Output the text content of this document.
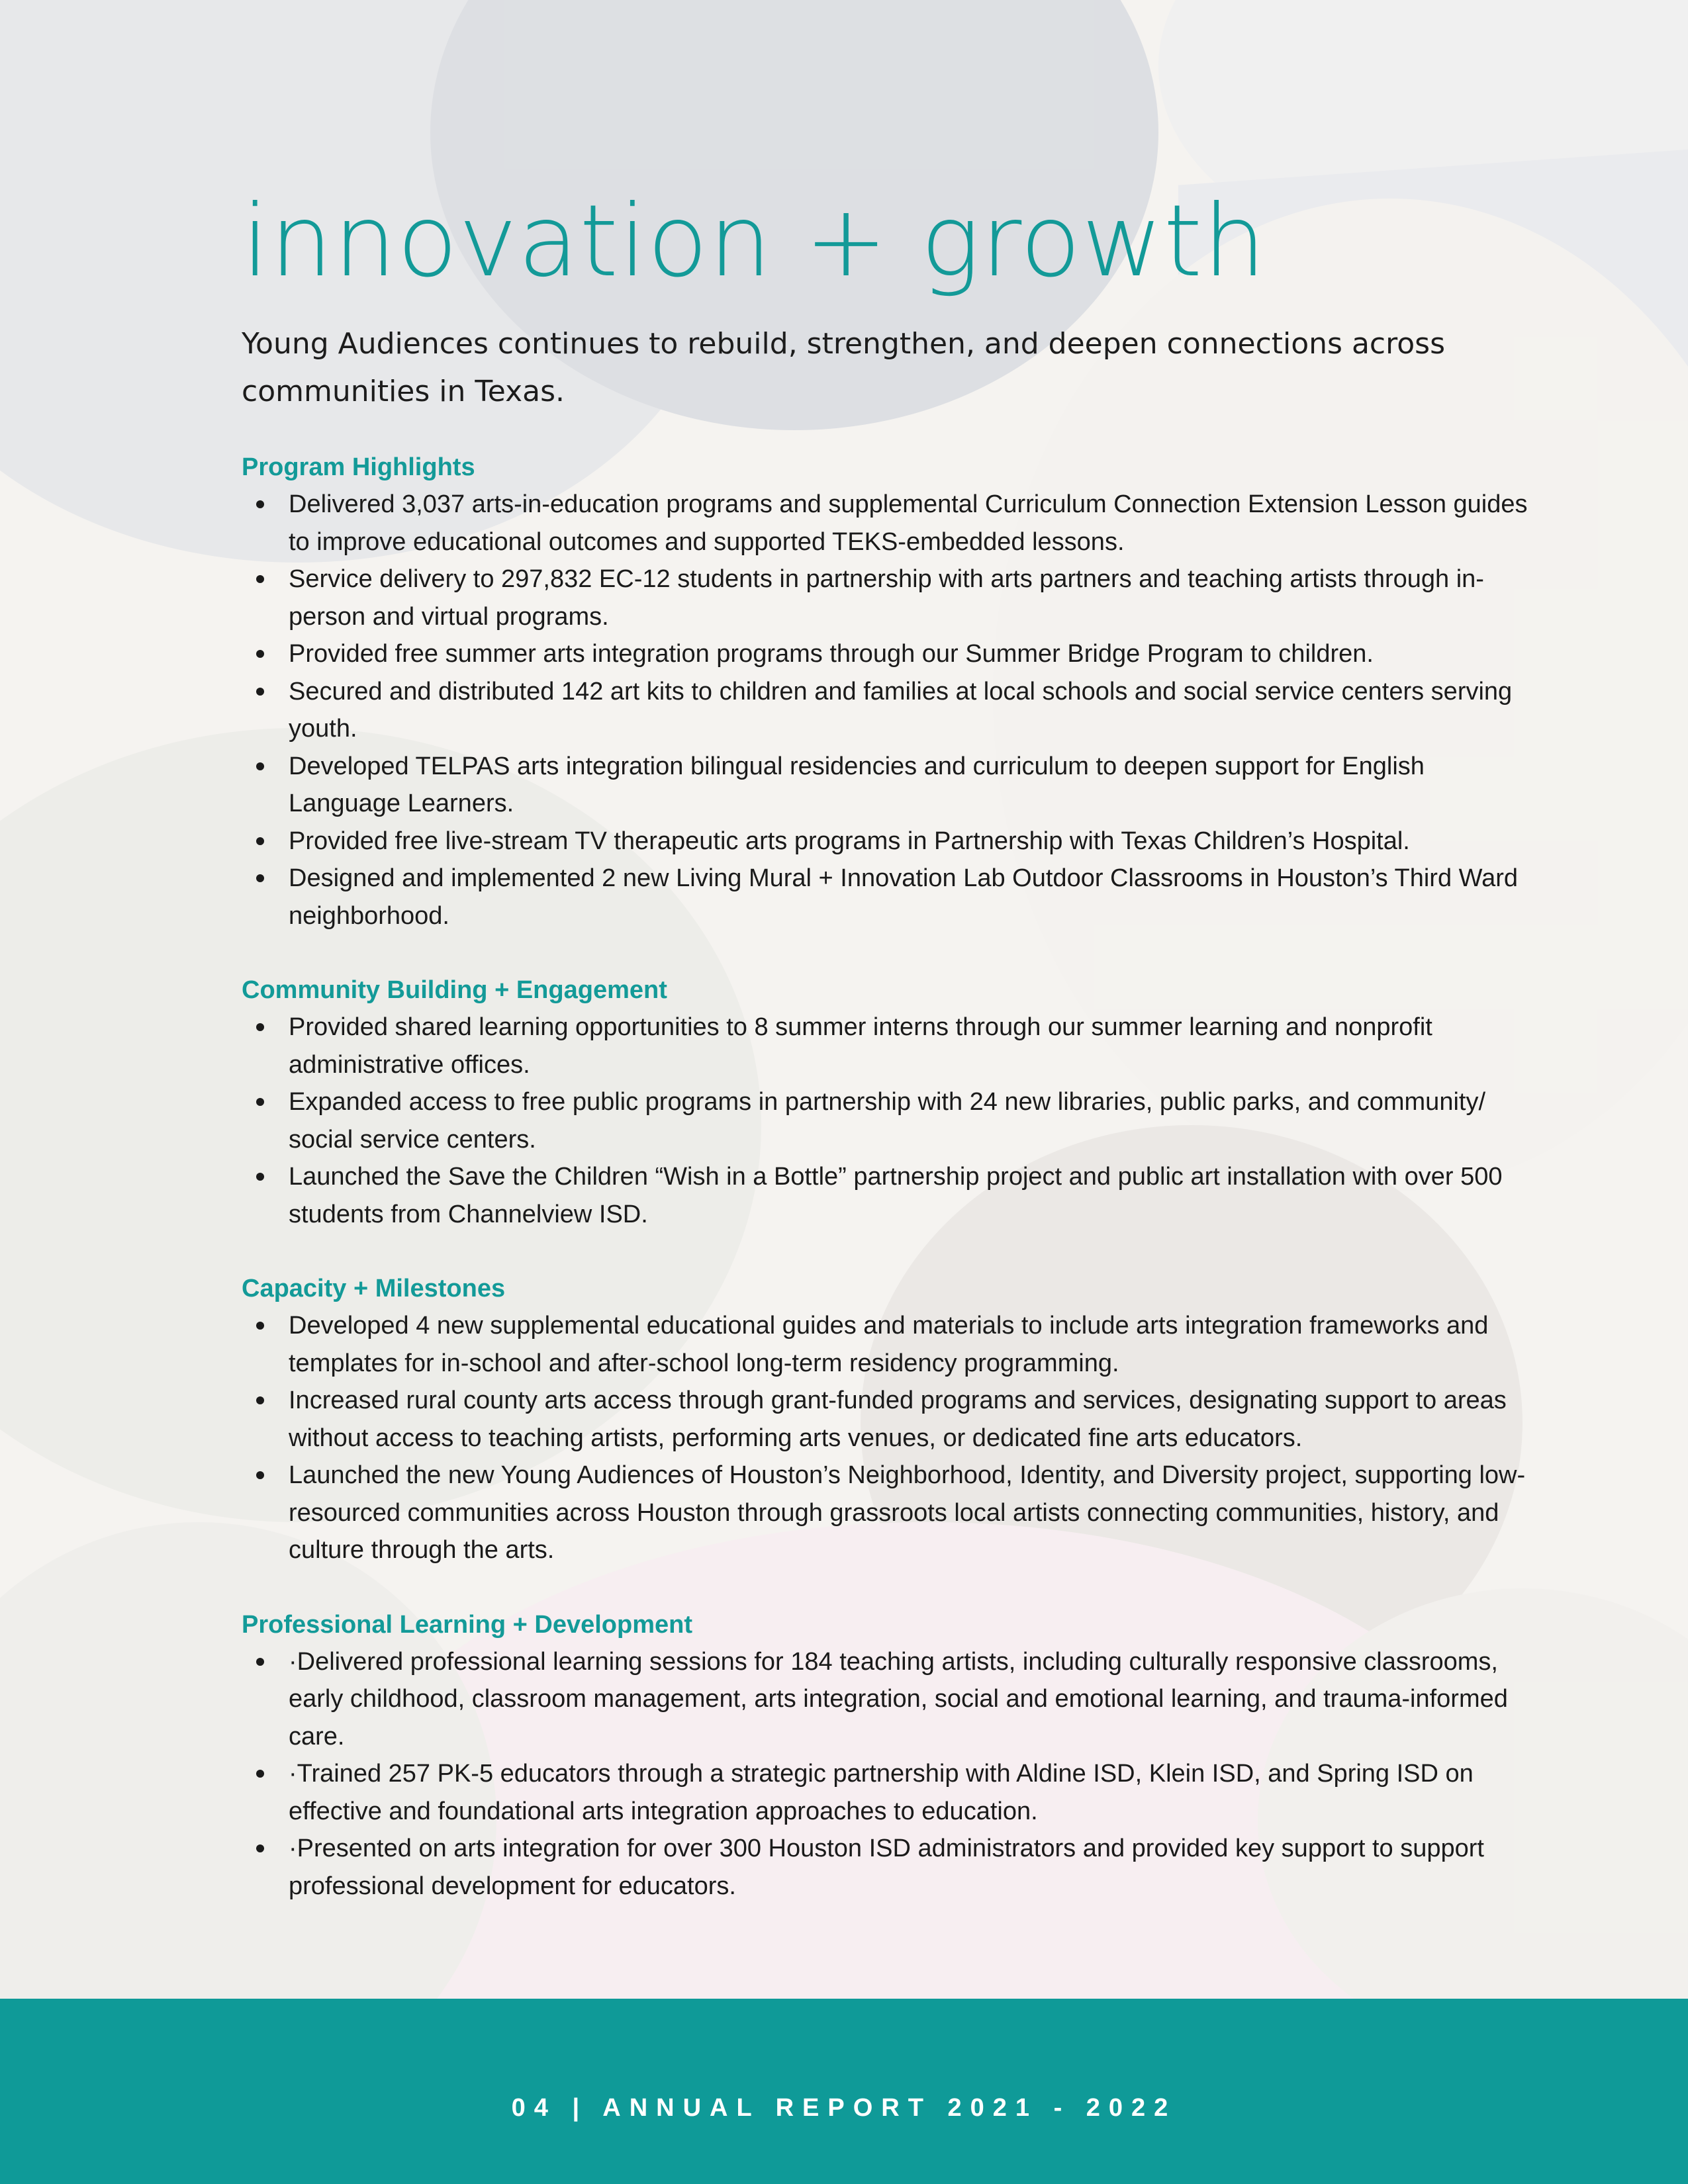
innovation + growth

Young Audiences continues to rebuild, strengthen, and deepen connections across communities in Texas.

Program Highlights
Delivered 3,037 arts-in-education programs and supplemental Curriculum Connection Extension Lesson guides to improve educational outcomes and supported TEKS-embedded lessons.
Service delivery to 297,832 EC-12 students in partnership with arts partners and teaching artists through in-person and virtual programs.
Provided free summer arts integration programs through our Summer Bridge Program to children.
Secured and distributed 142 art kits to children and families at local schools and social service centers serving youth.
Developed TELPAS arts integration bilingual residencies and curriculum to deepen support for English Language Learners.
Provided free live-stream TV therapeutic arts programs in Partnership with Texas Children’s Hospital.
Designed and implemented 2 new Living Mural + Innovation Lab Outdoor Classrooms in Houston’s Third Ward neighborhood.
Community Building + Engagement
Provided shared learning opportunities to 8 summer interns through our summer learning and nonprofit administrative offices.
Expanded access to free public programs in partnership with 24 new libraries, public parks, and community/ social service centers.
Launched the Save the Children “Wish in a Bottle” partnership project and public art installation with over 500 students from Channelview ISD.
Capacity + Milestones
Developed 4 new supplemental educational guides and materials to include arts integration frameworks and templates for in-school and after-school long-term residency programming.
Increased rural county arts access through grant-funded programs and services, designating support to areas without access to teaching artists, performing arts venues, or dedicated fine arts educators.
Launched the new Young Audiences of Houston’s Neighborhood, Identity, and Diversity project, supporting low-resourced communities across Houston through grassroots local artists connecting communities, history, and culture through the arts.
Professional Learning + Development
·Delivered professional learning sessions for 184 teaching artists, including culturally responsive classrooms, early childhood, classroom management, arts integration, social and emotional learning, and trauma-informed care.
·Trained 257 PK-5 educators through a strategic partnership with Aldine ISD, Klein ISD, and Spring ISD on effective and foundational arts integration approaches to education.
·Presented on arts integration for over 300 Houston ISD administrators and provided key support to support professional development for educators.
04 | ANNUAL REPORT 2021 - 2022
